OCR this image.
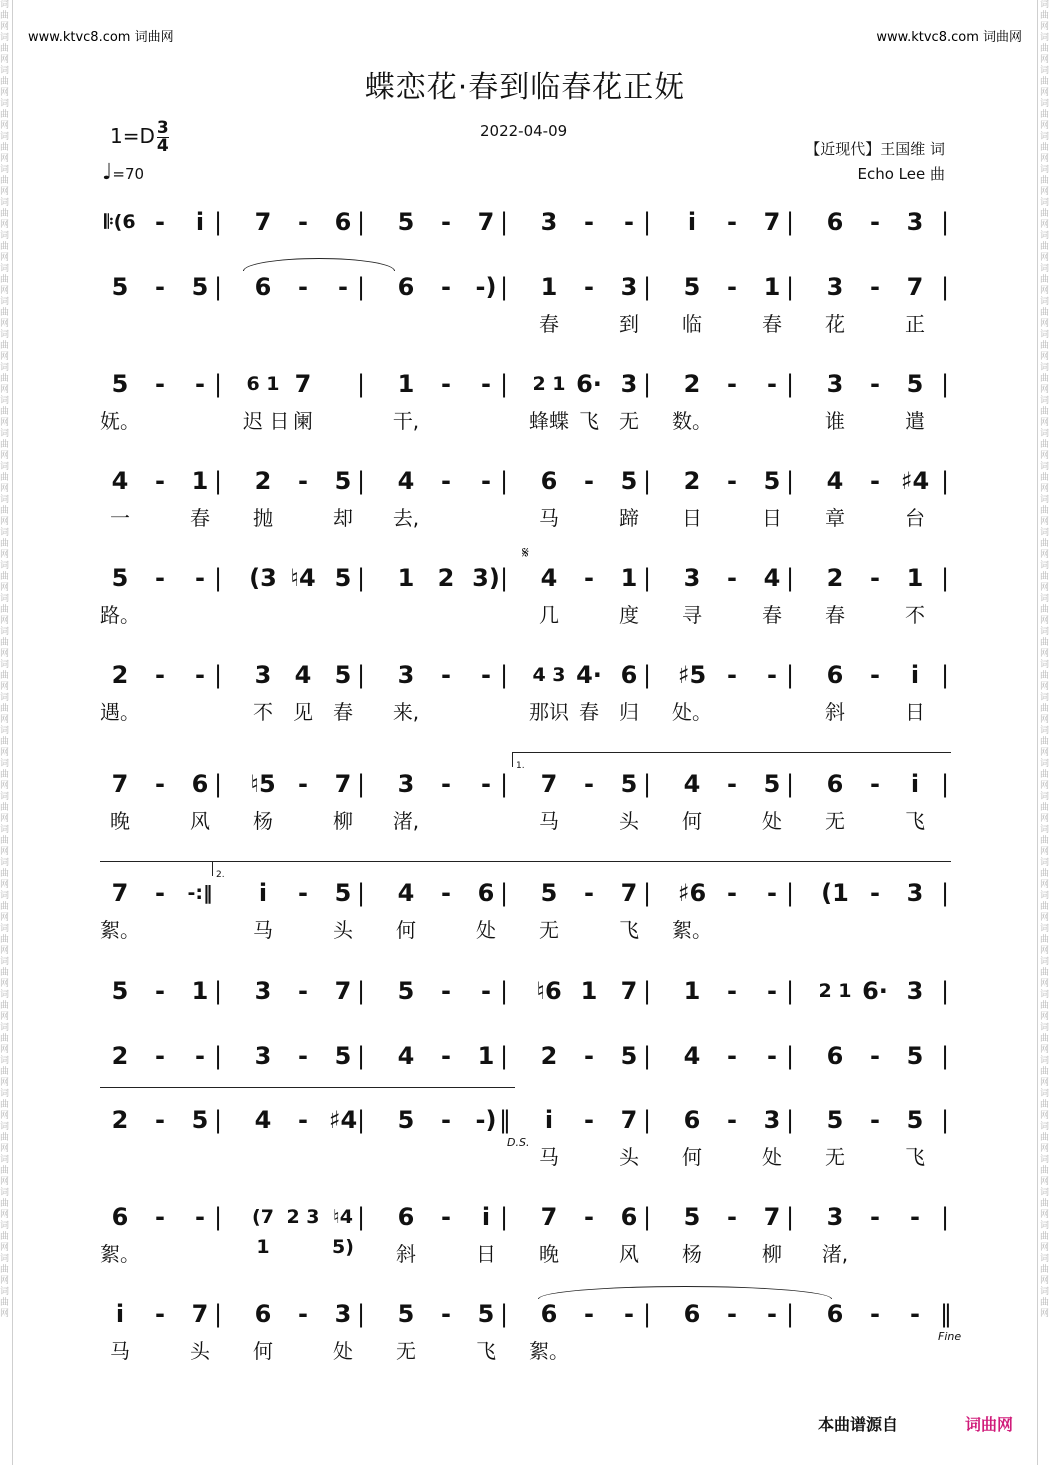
词曲网词曲网词曲网词曲网词曲网词曲网词曲网词曲网词曲网词曲网词曲网词曲网词曲网词曲网词曲网词曲网词曲网词曲网词曲网词曲网词曲网词曲网词曲网词曲网词曲网词曲网词曲网词曲网词曲网词曲网词曲网词曲网词曲网词曲网词曲网词曲网词曲网词曲网词曲网词曲网
词曲网词曲网词曲网词曲网词曲网词曲网词曲网词曲网词曲网词曲网词曲网词曲网词曲网词曲网词曲网词曲网词曲网词曲网词曲网词曲网词曲网词曲网词曲网词曲网词曲网词曲网词曲网词曲网词曲网词曲网词曲网词曲网词曲网词曲网词曲网词曲网词曲网词曲网词曲网词曲网
www.ktvc8.com 词曲网	www.ktvc8.com 词曲网
蝶恋花·春到临春花正妩
$1=D \frac{3}{4}$
♩=70
2022-04-09
【近现代】王国维 词
Echo Lee 曲
𝄆(6 -	i |	7	-	6 |	5	-	7 |	3	-	- |	i	-	7 |	6	-	3 |
5	-	5 |	6	-	- |	6	-	-) |	1	-	3 |	5	-	1 |	3	-	7 |
春	到	临	春	花	正
5	-	- | 6 1 7	|	1	-	- | 2 1 6· 3 |	2	-	- |	3	-	5 |
妩。	迟 日 阑	干,	蜂蝶 飞	无	数。	谁	遣
4	-	1 |	2	-	5 |	4	-	- |	6	-	5 |	2	-	5 |	4	- ♯4 |
一	春	抛	却	去,	马	蹄	日	日	章	台
5	-	- | (3 ♮4 5 |	1 2 3) |	4	-	1 |	3	-	4 |	2	-	1 |
路。	几	度	寻	春	春	不
2	-	- |	3 4 5 |	3	-	- | 4 3 4· 6 | ♯5 -	- |	6	-	i |
遇。	不	见	春	来,	那识 春	归	处。	斜	日
7	-	6 |	♮5 -	7 |	3	-	- |	7	-	5 |	4	-	5 |	6	-	i |
晚	风	杨	柳	渚,	马	头	何	处	无	飞
7	-	-:‖	i	-	5 |	4	-	6 |	5	-	7 | ♯6 -	- | (1 -	3 |
絮。	马	头	何	处	无	飞	絮。
5	-	1 |	3	-	7 |	5	-	- |	♮6 1 7 |	1	-	- | 2 1 6· 3 |
2	-	- |	3	-	5 |	4	-	1 |	2	-	5 |	4	-	- |	6	-	5 |
2	-	5 |	4	- ♯4 |	5	-	-) ‖	i	-	7 |	6	-	3 |	5	-	5 |
马	头	何	处	无	飞
6	-	- |	(7 1
2 3 ♮4 5)
|	6	-	i |	7	-	6 |	5	-	7 |	3	-	- |
絮。	斜	日	晚	风	杨	柳	渚,
i	-	7 |	6	-	3 |	5	-	5 |	6	-	- |	6	-	- |	6	-	- ‖
马	头	何	处	无	飞	絮。
𝄋
1.
2.
D.S.
Fine
本曲谱源自	词曲网
